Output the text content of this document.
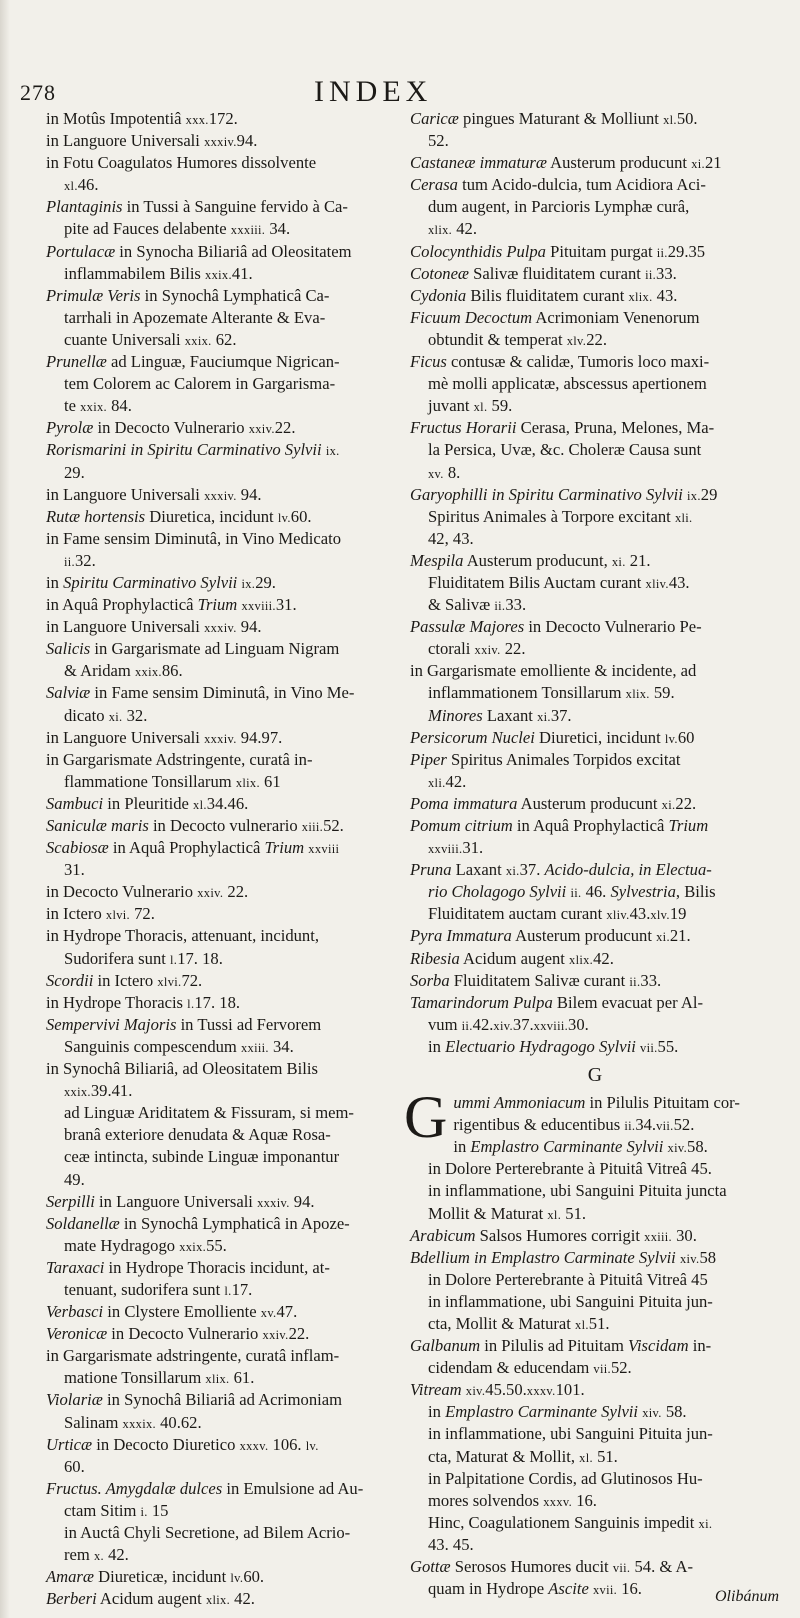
278	INDEX
in Motûs Impotentiâ xxx.172.
in Languore Universali xxxiv.94.
in Fotu Coagulatos Humores dissolvente
xl.46.
Plantaginis in Tussi à Sanguine fervido à Ca-
pite ad Fauces delabente xxxiii. 34.
Portulacæ in Synocha Biliariâ ad Oleositatem
inflammabilem Bilis xxix.41.
Primulæ Veris in Synochâ Lymphaticâ Ca-
tarrhali in Apozemate Alterante & Eva-
cuante Universali xxix. 62.
Prunellæ ad Linguæ, Fauciumque Nigrican-
tem Colorem ac Calorem in Gargarisma-
te xxix. 84.
Pyrolæ in Decocto Vulnerario xxiv.22.
Rorismarini in Spiritu Carminativo Sylvii ix.
29.
in Languore Universali xxxiv. 94.
Rutæ hortensis Diuretica, incidunt lv.60.
in Fame sensim Diminutâ, in Vino Medicato
ii.32.
in Spiritu Carminativo Sylvii ix.29.
in Aquâ Prophylacticâ Trium xxviii.31.
in Languore Universali xxxiv. 94.
Salicis in Gargarismate ad Linguam Nigram
& Aridam xxix.86.
Salviæ in Fame sensim Diminutâ, in Vino Me-
dicato xi. 32.
in Languore Universali xxxiv. 94.97.
in Gargarismate Adstringente, curatâ in-
flammatione Tonsillarum xlix. 61
Sambuci in Pleuritide xl.34.46.
Saniculæ maris in Decocto vulnerario xiii.52.
Scabiosæ in Aquâ Prophylacticâ Trium xxviii
31.
in Decocto Vulnerario xxiv. 22.
in Ictero xlvi. 72.
in Hydrope Thoracis, attenuant, incidunt,
Sudorifera sunt l.17. 18.
Scordii in Ictero xlvi.72.
in Hydrope Thoracis l.17. 18.
Sempervivi Majoris in Tussi ad Fervorem
Sanguinis compescendum xxiii. 34.
in Synochâ Biliariâ, ad Oleositatem Bilis
xxix.39.41.
ad Linguæ Ariditatem & Fissuram, si mem-
branâ exteriore denudata & Aquæ Rosa-
ceæ intincta, subinde Linguæ imponantur
49.
Serpilli in Languore Universali xxxiv. 94.
Soldanellæ in Synochâ Lymphaticâ in Apoze-
mate Hydragogo xxix.55.
Taraxaci in Hydrope Thoracis incidunt, at-
tenuant, sudorifera sunt l.17.
Verbasci in Clystere Emolliente xv.47.
Veronicæ in Decocto Vulnerario xxiv.22.
in Gargarismate adstringente, curatâ inflam-
matione Tonsillarum xlix. 61.
Violariæ in Synochâ Biliariâ ad Acrimoniam
Salinam xxxix. 40.62.
Urticæ in Decocto Diuretico xxxv. 106. lv.
60.
Fructus. Amygdalæ dulces in Emulsione ad Au-
ctam Sitim i. 15
in Auctâ Chyli Secretione, ad Bilem Acrio-
rem x. 42.
Amaræ Diureticæ, incidunt lv.60.
Berberi Acidum augent xlix. 42.
Caricæ pingues Maturant & Molliunt xl.50.
52.
Castaneæ immaturæ Austerum producunt xi.21
Cerasa tum Acido-dulcia, tum Acidiora Aci-
dum augent, in Parcioris Lymphæ curâ,
xlix. 42.
Colocynthidis Pulpa Pituitam purgat ii.29.35
Cotoneæ Salivæ fluiditatem curant ii.33.
Cydonia Bilis fluiditatem curant xlix. 43.
Ficuum Decoctum Acrimoniam Venenorum
obtundit & temperat xlv.22.
Ficus contusæ & calidæ, Tumoris loco maxi-
mè molli applicatæ, abscessus apertionem
juvant xl. 59.
Fructus Horarii Cerasa, Pruna, Melones, Ma-
la Persica, Uvæ, &c. Choleræ Causa sunt
xv. 8.
Garyophilli in Spiritu Carminativo Sylvii ix.29
Spiritus Animales à Torpore excitant xli.
42, 43.
Mespila Austerum producunt, xi. 21.
Fluiditatem Bilis Auctam curant xliv.43.
& Salivæ ii.33.
Passulæ Majores in Decocto Vulnerario Pe-
ctorali xxiv. 22.
in Gargarismate emolliente & incidente, ad
inflammationem Tonsillarum xlix. 59.
Minores Laxant xi.37.
Persicorum Nuclei Diuretici, incidunt lv.60
Piper Spiritus Animales Torpidos excitat
xli.42.
Poma immatura Austerum producunt xi.22.
Pomum citrium in Aquâ Prophylacticâ Trium
xxviii.31.
Pruna Laxant xi.37. Acido-dulcia, in Electua-
rio Cholagogo Sylvii ii. 46. Sylvestria, Bilis
Fluiditatem auctam curant xliv.43.xlv.19
Pyra Immatura Austerum producunt xi.21.
Ribesia Acidum augent xlix.42.
Sorba Fluiditatem Salivæ curant ii.33.
Tamarindorum Pulpa Bilem evacuat per Al-
vum ii.42.xiv.37.xxviii.30.
in Electuario Hydragogo Sylvii vii.55.
G
G ummi Ammoniacum in Pilulis Pituitam cor-
rigentibus & educentibus ii.34.vii.52.
in Emplastro Carminante Sylvii xiv.58.
in Dolore Perterebrante à Pituitâ Vitreâ 45.
in inflammatione, ubi Sanguini Pituita juncta
Mollit & Maturat xl. 51.
Arabicum Salsos Humores corrigit xxiii. 30.
Bdellium in Emplastro Carminate Sylvii xiv.58
in Dolore Perterebrante à Pituitâ Vitreâ 45
in inflammatione, ubi Sanguini Pituita jun-
cta, Mollit & Maturat xl.51.
Galbanum in Pilulis ad Pituitam Viscidam in-
cidendam & educendam vii.52.
Vitream xiv.45.50.xxxv.101.
in Emplastro Carminante Sylvii xiv. 58.
in inflammatione, ubi Sanguini Pituita jun-
cta, Maturat & Mollit, xl. 51.
in Palpitatione Cordis, ad Glutinosos Hu-
mores solvendos xxxv. 16.
Hinc, Coagulationem Sanguinis impedit xi.
43. 45.
Gottæ Serosos Humores ducit vii. 54. & A-
quam in Hydrope Ascite xvii. 16.	Olibánum
